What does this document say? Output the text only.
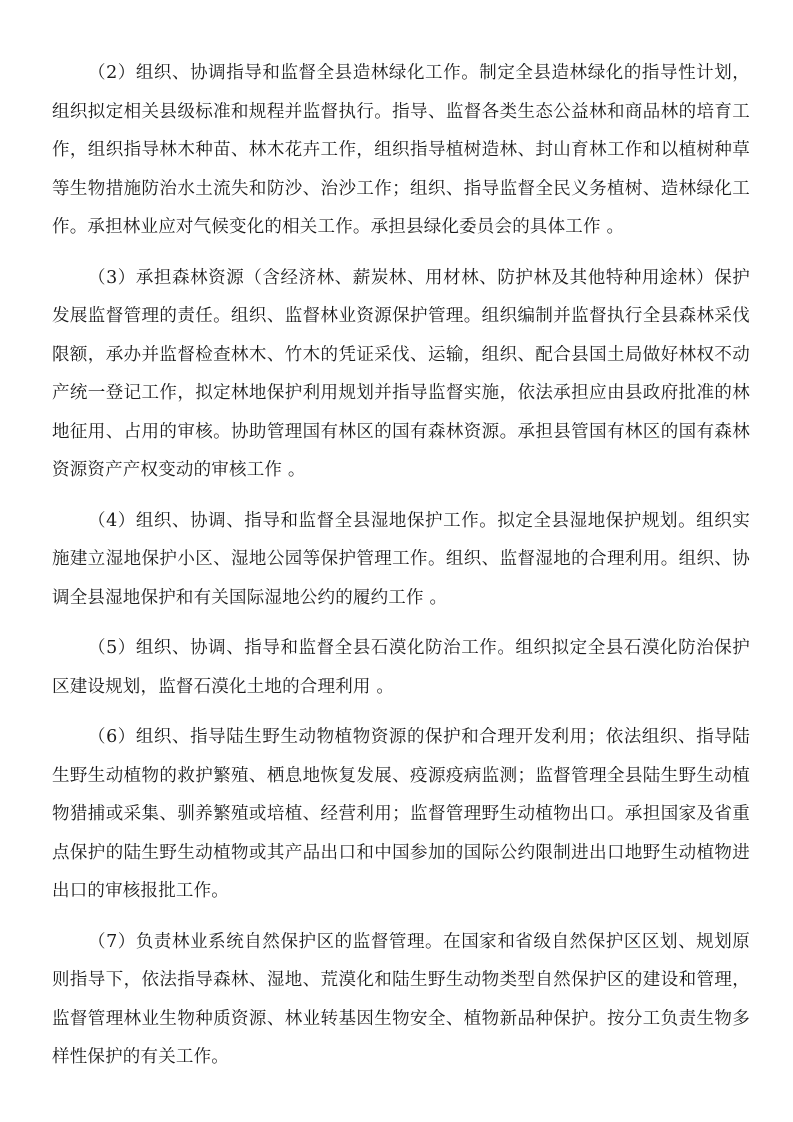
（2）组织、协调指导和监督全县造林绿化工作。制定全县造林绿化的指导性计划，组织拟定相关县级标准和规程并监督执行。指导、监督各类生态公益林和商品林的培育工作，组织指导林木种苗、林木花卉工作，组织指导植树造林、封山育林工作和以植树种草等生物措施防治水土流失和防沙、治沙工作；组织、指导监督全民义务植树、造林绿化工作。承担林业应对气候变化的相关工作。承担县绿化委员会的具体工作 。

（3）承担森林资源（含经济林、薪炭林、用材林、防护林及其他特种用途林）保护发展监督管理的责任。组织、监督林业资源保护管理。组织编制并监督执行全县森林采伐限额，承办并监督检查林木、竹木的凭证采伐、运输，组织、配合县国土局做好林权不动产统一登记工作，拟定林地保护利用规划并指导监督实施，依法承担应由县政府批准的林地征用、占用的审核。协助管理国有林区的国有森林资源。承担县管国有林区的国有森林资源资产产权变动的审核工作 。

（4）组织、协调、指导和监督全县湿地保护工作。拟定全县湿地保护规划。组织实施建立湿地保护小区、湿地公园等保护管理工作。组织、监督湿地的合理利用。组织、协调全县湿地保护和有关国际湿地公约的履约工作 。

（5）组织、协调、指导和监督全县石漠化防治工作。组织拟定全县石漠化防治保护区建设规划，监督石漠化土地的合理利用 。

（6）组织、指导陆生野生动物植物资源的保护和合理开发利用；依法组织、指导陆生野生动植物的救护繁殖、栖息地恢复发展、疫源疫病监测；监督管理全县陆生野生动植物猎捕或采集、驯养繁殖或培植、经营利用；监督管理野生动植物出口。承担国家及省重点保护的陆生野生动植物或其产品出口和中国参加的国际公约限制进出口地野生动植物进出口的审核报批工作。

（7）负责林业系统自然保护区的监督管理。在国家和省级自然保护区区划、规划原则指导下，依法指导森林、湿地、荒漠化和陆生野生动物类型自然保护区的建设和管理，监督管理林业生物种质资源、林业转基因生物安全、植物新品种保护。按分工负责生物多样性保护的有关工作。
